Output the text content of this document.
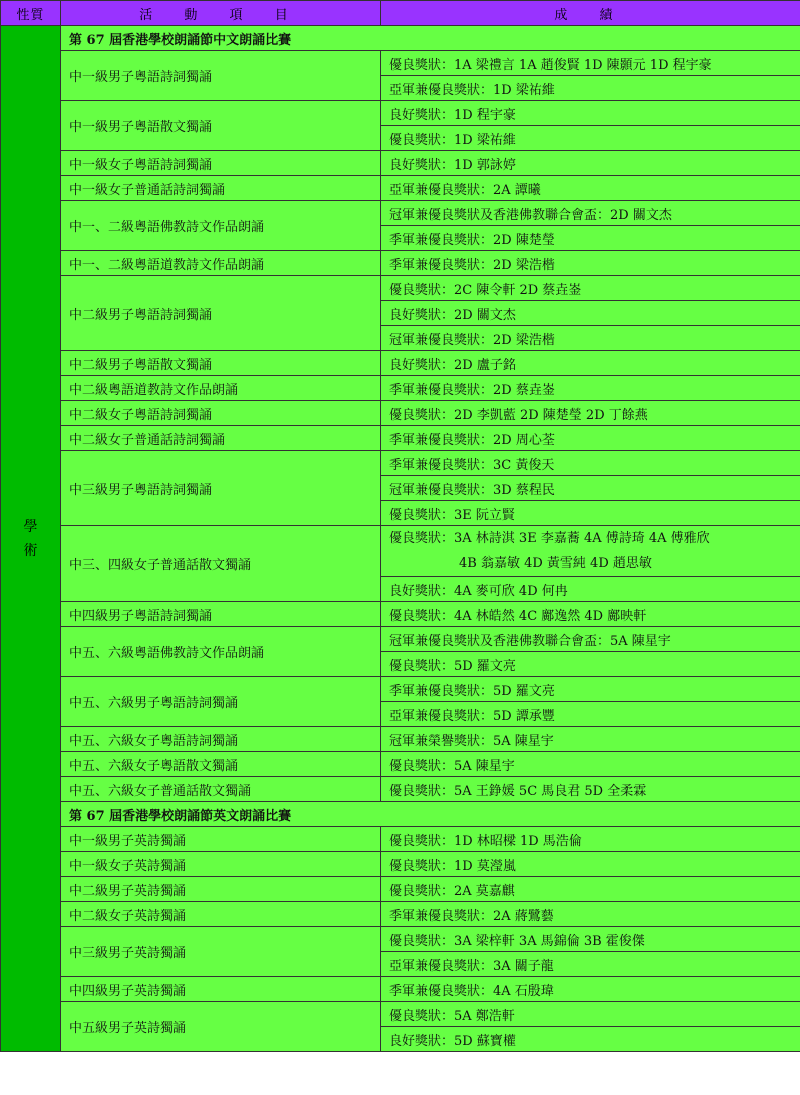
性質	活 動 項 目	成 績

學
術	第 67 屆香港學校朗誦節中文朗誦比賽	
	中一級男子粵語詩詞獨誦	優良獎狀：1A 梁禮言 1A 趙俊賢 1D 陳顥元 1D 程宇豪
		亞軍兼優良獎狀：1D 梁祐維
	中一級男子粵語散文獨誦	良好獎狀：1D 程宇豪
		優良獎狀：1D 梁祐維
	中一級女子粵語詩詞獨誦	良好獎狀：1D 郭詠婷
	中一級女子普通話詩詞獨誦	亞軍兼優良獎狀：2A 譚曦
	中一、二級粵語佛教詩文作品朗誦	冠軍兼優良獎狀及香港佛教聯合會盃：2D 關文杰
		季軍兼優良獎狀：2D 陳楚瑩
	中一、二級粵語道教詩文作品朗誦	季軍兼優良獎狀：2D 梁浩楷
	中二級男子粵語詩詞獨誦	優良獎狀：2C 陳令軒 2D 蔡垚崟
		良好獎狀：2D 關文杰
		冠軍兼優良獎狀：2D 梁浩楷
	中二級男子粵語散文獨誦	良好獎狀：2D 盧子銘
	中二級粵語道教詩文作品朗誦	季軍兼優良獎狀：2D 蔡垚崟
	中二級女子粵語詩詞獨誦	優良獎狀：2D 李凱藍 2D 陳楚瑩 2D 丁餘燕
	中二級女子普通話詩詞獨誦	季軍兼優良獎狀：2D 周心荃
	中三級男子粵語詩詞獨誦	季軍兼優良獎狀：3C 黃俊天
		冠軍兼優良獎狀：3D 蔡程民
		優良獎狀：3E 阮立賢
	中三、四級女子普通話散文獨誦	優良獎狀：3A 林詩淇 3E 李嘉蕎 4A 傅詩琦 4A 傅雅欣
4B 翁嘉敏 4D 黃雪純 4D 趙思敏

		良好獎狀：4A 麥可欣 4D 何冉
	中四級男子粵語詩詞獨誦	優良獎狀：4A 林皓然 4C 鄺逸然 4D 鄺映軒
	中五、六級粵語佛教詩文作品朗誦	冠軍兼優良獎狀及香港佛教聯合會盃：5A 陳星宇
		優良獎狀：5D 羅文亮
	中五、六級男子粵語詩詞獨誦	季軍兼優良獎狀：5D 羅文亮
		亞軍兼優良獎狀：5D 譚承豐
	中五、六級女子粵語詩詞獨誦	冠軍兼榮譽獎狀：5A 陳星宇
	中五、六級女子粵語散文獨誦	優良獎狀：5A 陳星宇
	中五、六級女子普通話散文獨誦	優良獎狀：5A 王錚媛 5C 馬良君 5D 全柔霖
	第 67 屆香港學校朗誦節英文朗誦比賽	
	中一級男子英詩獨誦	優良獎狀：1D 林昭樑 1D 馬浩倫
	中一級女子英詩獨誦	優良獎狀：1D 莫瀅嵐
	中二級男子英詩獨誦	優良獎狀：2A 莫嘉麒
	中二級女子英詩獨誦	季軍兼優良獎狀：2A 蔣鷺藝
	中三級男子英詩獨誦	優良獎狀：3A 梁梓軒 3A 馬錦倫 3B 霍俊傑
		亞軍兼優良獎狀：3A 關子龍
	中四級男子英詩獨誦	季軍兼優良獎狀：4A 石殷瑋
	中五級男子英詩獨誦	優良獎狀：5A 鄭浩軒
		良好獎狀：5D 蘇寶權
